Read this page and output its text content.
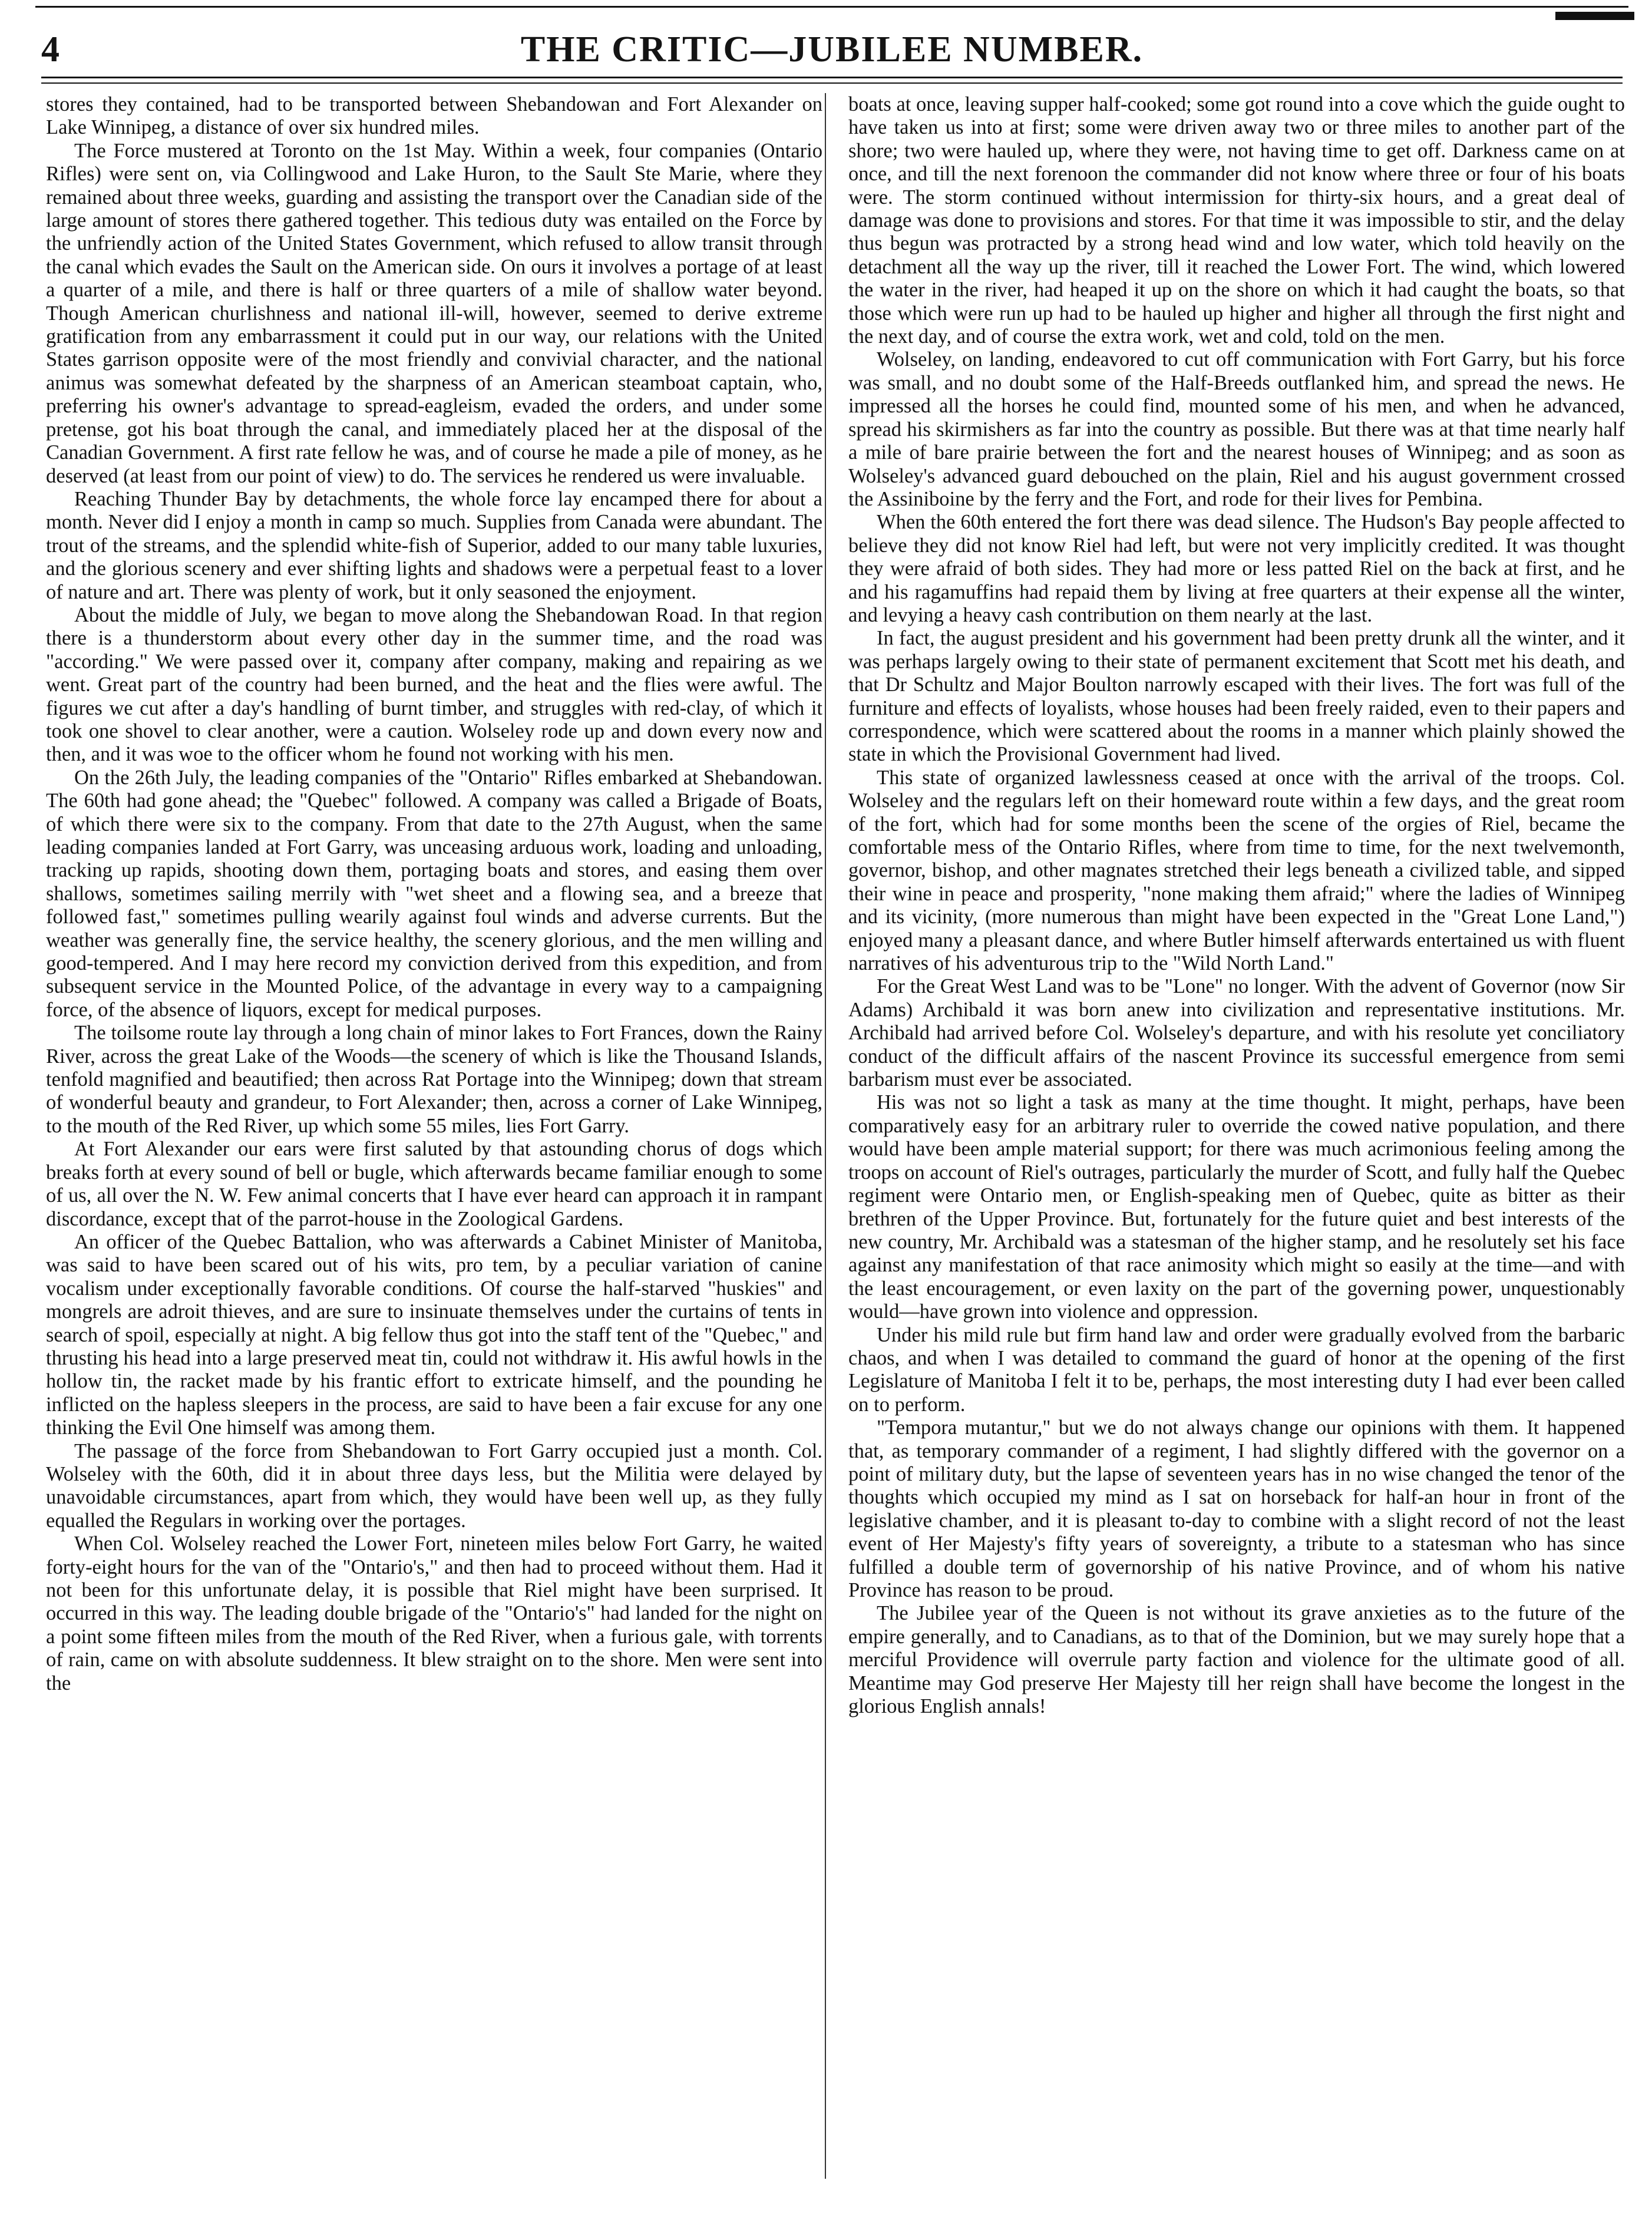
THE CRITIC—JUBILEE NUMBER.
4

stores they contained, had to be transported between Shebandowan and Fort Alexander on Lake Winnipeg, a distance of over six hundred miles.

The Force mustered at Toronto on the 1st May. Within a week, four companies (Ontario Rifles) were sent on, via Collingwood and Lake Huron, to the Sault Ste Marie, where they remained about three weeks, guarding and assisting the transport over the Canadian side of the large amount of stores there gathered together. This tedious duty was entailed on the Force by the unfriendly action of the United States Government, which refused to allow transit through the canal which evades the Sault on the American side. On ours it involves a portage of at least a quarter of a mile, and there is half or three quarters of a mile of shallow water beyond. Though American churlishness and national ill-will, however, seemed to derive extreme gratification from any embarrassment it could put in our way, our relations with the United States garrison opposite were of the most friendly and convivial character, and the national animus was somewhat defeated by the sharpness of an American steamboat captain, who, preferring his owner's advantage to spread-eagleism, evaded the orders, and under some pretense, got his boat through the canal, and immediately placed her at the disposal of the Canadian Government. A first rate fellow he was, and of course he made a pile of money, as he deserved (at least from our point of view) to do. The services he rendered us were invaluable.

Reaching Thunder Bay by detachments, the whole force lay encamped there for about a month. Never did I enjoy a month in camp so much. Supplies from Canada were abundant. The trout of the streams, and the splendid white-fish of Superior, added to our many table luxuries, and the glorious scenery and ever shifting lights and shadows were a perpetual feast to a lover of nature and art. There was plenty of work, but it only seasoned the enjoyment.

About the middle of July, we began to move along the Shebandowan Road. In that region there is a thunderstorm about every other day in the summer time, and the road was "according." We were passed over it, company after company, making and repairing as we went. Great part of the country had been burned, and the heat and the flies were awful. The figures we cut after a day's handling of burnt timber, and struggles with red-clay, of which it took one shovel to clear another, were a caution. Wolseley rode up and down every now and then, and it was woe to the officer whom he found not working with his men.

On the 26th July, the leading companies of the "Ontario" Rifles embarked at Shebandowan. The 60th had gone ahead; the "Quebec" followed. A company was called a Brigade of Boats, of which there were six to the company. From that date to the 27th August, when the same leading companies landed at Fort Garry, was unceasing arduous work, loading and unloading, tracking up rapids, shooting down them, portaging boats and stores, and easing them over shallows, sometimes sailing merrily with "wet sheet and a flowing sea, and a breeze that followed fast," sometimes pulling wearily against foul winds and adverse currents. But the weather was generally fine, the service healthy, the scenery glorious, and the men willing and good-tempered. And I may here record my conviction derived from this expedition, and from subsequent service in the Mounted Police, of the advantage in every way to a campaigning force, of the absence of liquors, except for medical purposes.

The toilsome route lay through a long chain of minor lakes to Fort Frances, down the Rainy River, across the great Lake of the Woods—the scenery of which is like the Thousand Islands, tenfold magnified and beautified; then across Rat Portage into the Winnipeg; down that stream of wonderful beauty and grandeur, to Fort Alexander; then, across a corner of Lake Winnipeg, to the mouth of the Red River, up which some 55 miles, lies Fort Garry.

At Fort Alexander our ears were first saluted by that astounding chorus of dogs which breaks forth at every sound of bell or bugle, which afterwards became familiar enough to some of us, all over the N. W. Few animal concerts that I have ever heard can approach it in rampant discordance, except that of the parrot-house in the Zoological Gardens.

An officer of the Quebec Battalion, who was afterwards a Cabinet Minister of Manitoba, was said to have been scared out of his wits, pro tem, by a peculiar variation of canine vocalism under exceptionally favorable conditions. Of course the half-starved "huskies" and mongrels are adroit thieves, and are sure to insinuate themselves under the curtains of tents in search of spoil, especially at night. A big fellow thus got into the staff tent of the "Quebec," and thrusting his head into a large preserved meat tin, could not withdraw it. His awful howls in the hollow tin, the racket made by his frantic effort to extricate himself, and the pounding he inflicted on the hapless sleepers in the process, are said to have been a fair excuse for any one thinking the Evil One himself was among them.

The passage of the force from Shebandowan to Fort Garry occupied just a month. Col. Wolseley with the 60th, did it in about three days less, but the Militia were delayed by unavoidable circumstances, apart from which, they would have been well up, as they fully equalled the Regulars in working over the portages.

When Col. Wolseley reached the Lower Fort, nineteen miles below Fort Garry, he waited forty-eight hours for the van of the "Ontario's," and then had to proceed without them. Had it not been for this unfortunate delay, it is possible that Riel might have been surprised. It occurred in this way. The leading double brigade of the "Ontario's" had landed for the night on a point some fifteen miles from the mouth of the Red River, when a furious gale, with torrents of rain, came on with absolute suddenness. It blew straight on to the shore. Men were sent into the

boats at once, leaving supper half-cooked; some got round into a cove which the guide ought to have taken us into at first; some were driven away two or three miles to another part of the shore; two were hauled up, where they were, not having time to get off. Darkness came on at once, and till the next forenoon the commander did not know where three or four of his boats were. The storm continued without intermission for thirty-six hours, and a great deal of damage was done to provisions and stores. For that time it was impossible to stir, and the delay thus begun was protracted by a strong head wind and low water, which told heavily on the detachment all the way up the river, till it reached the Lower Fort. The wind, which lowered the water in the river, had heaped it up on the shore on which it had caught the boats, so that those which were run up had to be hauled up higher and higher all through the first night and the next day, and of course the extra work, wet and cold, told on the men.

Wolseley, on landing, endeavored to cut off communication with Fort Garry, but his force was small, and no doubt some of the Half-Breeds outflanked him, and spread the news. He impressed all the horses he could find, mounted some of his men, and when he advanced, spread his skirmishers as far into the country as possible. But there was at that time nearly half a mile of bare prairie between the fort and the nearest houses of Winnipeg; and as soon as Wolseley's advanced guard debouched on the plain, Riel and his august government crossed the Assiniboine by the ferry and the Fort, and rode for their lives for Pembina.

When the 60th entered the fort there was dead silence. The Hudson's Bay people affected to believe they did not know Riel had left, but were not very implicitly credited. It was thought they were afraid of both sides. They had more or less patted Riel on the back at first, and he and his ragamuffins had repaid them by living at free quarters at their expense all the winter, and levying a heavy cash contribution on them nearly at the last.

In fact, the august president and his government had been pretty drunk all the winter, and it was perhaps largely owing to their state of permanent excitement that Scott met his death, and that Dr Schultz and Major Boulton narrowly escaped with their lives. The fort was full of the furniture and effects of loyalists, whose houses had been freely raided, even to their papers and correspondence, which were scattered about the rooms in a manner which plainly showed the state in which the Provisional Government had lived.

This state of organized lawlessness ceased at once with the arrival of the troops. Col. Wolseley and the regulars left on their homeward route within a few days, and the great room of the fort, which had for some months been the scene of the orgies of Riel, became the comfortable mess of the Ontario Rifles, where from time to time, for the next twelvemonth, governor, bishop, and other magnates stretched their legs beneath a civilized table, and sipped their wine in peace and prosperity, "none making them afraid;" where the ladies of Winnipeg and its vicinity, (more numerous than might have been expected in the "Great Lone Land,") enjoyed many a pleasant dance, and where Butler himself afterwards entertained us with fluent narratives of his adventurous trip to the "Wild North Land."

For the Great West Land was to be "Lone" no longer. With the advent of Governor (now Sir Adams) Archibald it was born anew into civilization and representative institutions. Mr. Archibald had arrived before Col. Wolseley's departure, and with his resolute yet conciliatory conduct of the difficult affairs of the nascent Province its successful emergence from semi barbarism must ever be associated.

His was not so light a task as many at the time thought. It might, perhaps, have been comparatively easy for an arbitrary ruler to override the cowed native population, and there would have been ample material support; for there was much acrimonious feeling among the troops on account of Riel's outrages, particularly the murder of Scott, and fully half the Quebec regiment were Ontario men, or English-speaking men of Quebec, quite as bitter as their brethren of the Upper Province. But, fortunately for the future quiet and best interests of the new country, Mr. Archibald was a statesman of the higher stamp, and he resolutely set his face against any manifestation of that race animosity which might so easily at the time—and with the least encouragement, or even laxity on the part of the governing power, unquestionably would—have grown into violence and oppression.

Under his mild rule but firm hand law and order were gradually evolved from the barbaric chaos, and when I was detailed to command the guard of honor at the opening of the first Legislature of Manitoba I felt it to be, perhaps, the most interesting duty I had ever been called on to perform.

"Tempora mutantur," but we do not always change our opinions with them. It happened that, as temporary commander of a regiment, I had slightly differed with the governor on a point of military duty, but the lapse of seventeen years has in no wise changed the tenor of the thoughts which occupied my mind as I sat on horseback for half-an hour in front of the legislative chamber, and it is pleasant to-day to combine with a slight record of not the least event of Her Majesty's fifty years of sovereignty, a tribute to a statesman who has since fulfilled a double term of governorship of his native Province, and of whom his native Province has reason to be proud.

The Jubilee year of the Queen is not without its grave anxieties as to the future of the empire generally, and to Canadians, as to that of the Dominion, but we may surely hope that a merciful Providence will overrule party faction and violence for the ultimate good of all. Meantime may God preserve Her Majesty till her reign shall have become the longest in the glorious English annals!
